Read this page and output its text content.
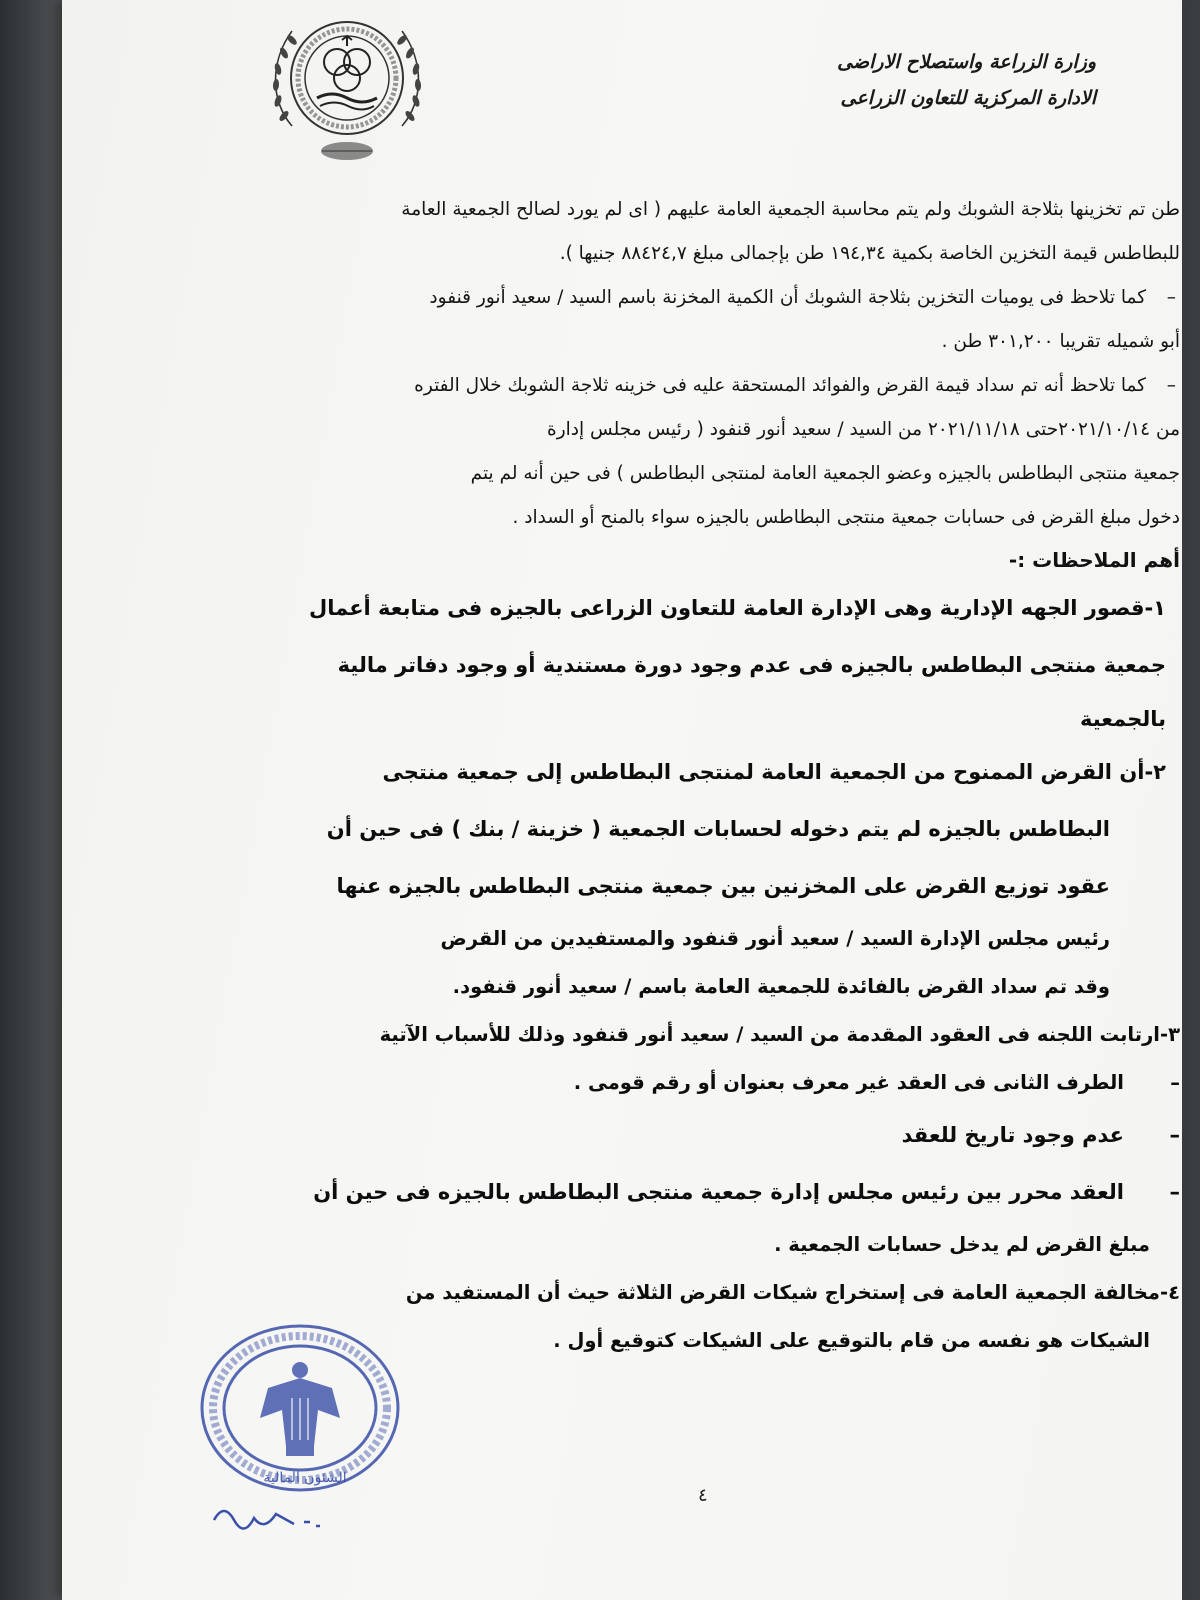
وزارة الزراعة واستصلاح الاراضى
الادارة المركزية للتعاون الزراعى

طن تم تخزينها بثلاجة الشوبك ولم يتم محاسبة الجمعية العامة عليهم ( اى لم يورد لصالح الجمعية العامة

للبطاطس قيمة التخزين الخاصة بكمية ١٩٤,٣٤ طن بإجمالى مبلغ ٨٨٤٢٤,٧ جنيها ).

–

كما تلاحظ فى يوميات التخزين بثلاجة الشوبك أن الكمية المخزنة باسم السيد / سعيد أنور قنفود

أبو شميله تقريبا ٣٠١,٢٠٠ طن .

–

كما تلاحظ أنه تم سداد قيمة القرض والفوائد المستحقة عليه فى خزينه ثلاجة الشوبك خلال الفتره

من ٢٠٢١/١٠/١٤حتى ٢٠٢١/١١/١٨ من السيد / سعيد أنور قنفود ( رئيس مجلس إدارة

جمعية منتجى البطاطس بالجيزه وعضو الجمعية العامة لمنتجى البطاطس ) فى حين أنه لم يتم

دخول مبلغ القرض فى حسابات جمعية منتجى البطاطس بالجيزه سواء بالمنح أو السداد .

أهم الملاحظات :-

١-قصور الجهه الإدارية وهى الإدارة العامة للتعاون الزراعى بالجيزه فى متابعة أعمال

جمعية منتجى البطاطس بالجيزه فى عدم وجود دورة مستندية أو وجود دفاتر مالية

بالجمعية

٢-أن القرض الممنوح من الجمعية العامة لمنتجى البطاطس إلى جمعية منتجى

البطاطس بالجيزه لم يتم دخوله لحسابات الجمعية ( خزينة / بنك ) فى حين أن

عقود توزيع القرض على المخزنين بين جمعية منتجى البطاطس بالجيزه عنها

رئيس مجلس الإدارة السيد / سعيد أنور قنفود والمستفيدين من القرض

وقد تم سداد القرض بالفائدة للجمعية العامة باسم / سعيد أنور قنفود.

٣-ارتابت اللجنه فى العقود المقدمة من السيد / سعيد أنور قنفود وذلك للأسباب الآتية

–
الطرف الثانى فى العقد غير معرف بعنوان أو رقم قومى .
–
عدم وجود تاريخ للعقد
–
العقد محرر بين رئيس مجلس إدارة جمعية منتجى البطاطس بالجيزه فى حين أن

مبلغ القرض لم يدخل حسابات الجمعية .

٤-مخالفة الجمعية العامة فى إستخراج شيكات القرض الثلاثة حيث أن المستفيد من

الشيكات هو نفسه من قام بالتوقيع على الشيكات كتوقيع أول .

الشئون المالية
٤
